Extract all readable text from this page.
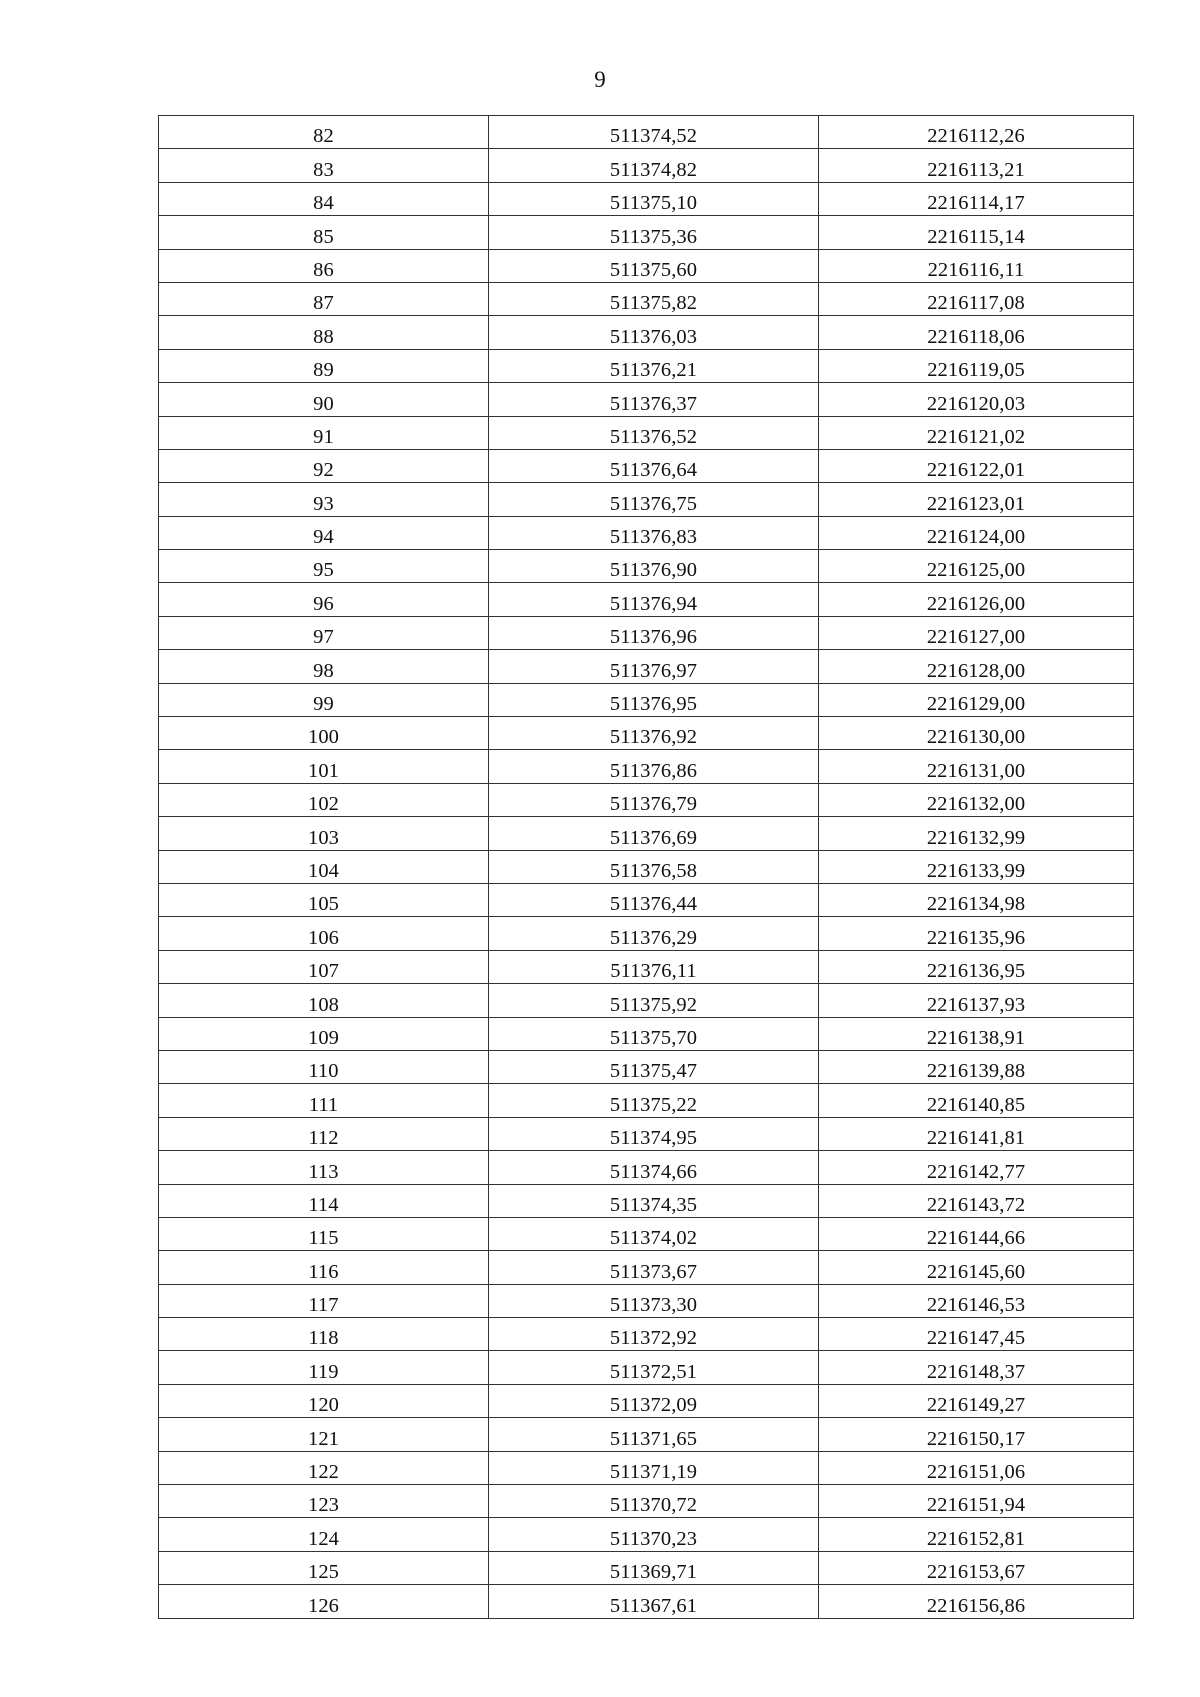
9
82	511374,52	2216112,26
83	511374,82	2216113,21
84	511375,10	2216114,17
85	511375,36	2216115,14
86	511375,60	2216116,11
87	511375,82	2216117,08
88	511376,03	2216118,06
89	511376,21	2216119,05
90	511376,37	2216120,03
91	511376,52	2216121,02
92	511376,64	2216122,01
93	511376,75	2216123,01
94	511376,83	2216124,00
95	511376,90	2216125,00
96	511376,94	2216126,00
97	511376,96	2216127,00
98	511376,97	2216128,00
99	511376,95	2216129,00
100	511376,92	2216130,00
101	511376,86	2216131,00
102	511376,79	2216132,00
103	511376,69	2216132,99
104	511376,58	2216133,99
105	511376,44	2216134,98
106	511376,29	2216135,96
107	511376,11	2216136,95
108	511375,92	2216137,93
109	511375,70	2216138,91
110	511375,47	2216139,88
111	511375,22	2216140,85
112	511374,95	2216141,81
113	511374,66	2216142,77
114	511374,35	2216143,72
115	511374,02	2216144,66
116	511373,67	2216145,60
117	511373,30	2216146,53
118	511372,92	2216147,45
119	511372,51	2216148,37
120	511372,09	2216149,27
121	511371,65	2216150,17
122	511371,19	2216151,06
123	511370,72	2216151,94
124	511370,23	2216152,81
125	511369,71	2216153,67
126	511367,61	2216156,86
